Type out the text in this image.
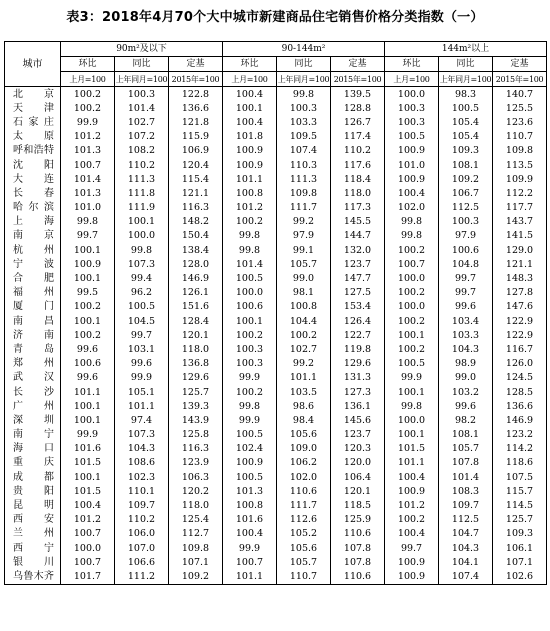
表3：2018年4月70个大中城市新建商品住宅销售价格分类指数（一）
城市	90m²及以下			90-144m²			144m²以上		
	环比	同比	定基	环比	同比	定基	环比	同比	定基
	上月=100	上年同月=100	2015年=100	上月=100	上年同月=100	2015年=100	上月=100	上年同月=100	2015年=100
北京	100.2	100.3	122.8	100.4	99.8	139.5	100.0	98.3	140.7
天津	100.2	101.4	136.6	100.1	100.3	128.8	100.3	100.5	125.5
石家庄	99.9	102.7	121.8	100.4	103.3	126.7	100.3	105.4	123.6
太原	101.2	107.2	115.9	101.8	109.5	117.4	100.5	105.4	110.7
呼和浩特	101.3	108.2	106.9	100.9	107.4	110.2	100.9	109.3	109.8
沈阳	100.7	110.2	120.4	100.9	110.3	117.6	101.0	108.1	113.5
大连	101.4	111.3	115.4	101.1	111.3	118.4	100.9	109.2	109.9
长春	101.3	111.8	121.1	100.8	109.8	118.0	100.4	106.7	112.2
哈尔滨	101.0	111.9	116.3	101.2	111.7	117.3	102.0	112.5	117.7
上海	99.8	100.1	148.2	100.2	99.2	145.5	99.8	100.3	143.7
南京	99.7	100.0	150.4	99.8	97.9	144.7	99.8	97.9	141.5
杭州	100.1	99.8	138.4	99.8	99.1	132.0	100.2	100.6	129.0
宁波	100.9	107.3	128.0	101.4	105.7	123.7	100.7	104.8	121.1
合肥	100.1	99.4	146.9	100.5	99.0	147.7	100.0	99.7	148.3
福州	99.5	96.2	126.1	100.0	98.1	127.5	100.2	99.7	127.8
厦门	100.2	100.5	151.6	100.6	100.8	153.4	100.0	99.6	147.6
南昌	100.1	104.5	128.4	100.1	104.4	126.4	100.2	103.4	122.9
济南	100.2	99.7	120.1	100.2	100.2	122.7	100.1	103.3	122.9
青岛	99.6	103.1	118.0	100.3	102.7	119.8	100.2	104.3	116.7
郑州	100.6	99.6	136.8	100.3	99.2	129.6	100.5	98.9	126.0
武汉	99.6	99.9	129.6	99.9	101.1	131.3	99.9	99.0	124.5
长沙	101.1	105.1	125.7	100.2	103.5	127.3	100.1	103.2	128.5
广州	100.1	101.1	139.3	99.8	98.6	136.1	99.8	99.6	136.6
深圳	100.1	97.4	143.9	99.9	98.4	145.6	100.0	98.2	146.9
南宁	99.9	107.3	125.8	100.5	105.6	123.7	100.1	108.1	123.2
海口	101.6	104.3	116.3	102.4	109.0	120.3	101.5	105.7	114.2
重庆	101.5	108.6	123.9	100.9	106.2	120.0	101.1	107.8	118.6
成都	100.1	102.3	106.3	100.5	102.0	106.4	100.4	101.4	107.5
贵阳	101.5	110.1	120.2	101.3	110.6	120.1	100.9	108.3	115.7
昆明	100.4	109.7	118.0	100.8	111.7	118.5	101.2	109.7	114.5
西安	101.2	110.2	125.4	101.6	112.6	125.9	100.2	112.5	125.7
兰州	100.7	106.0	112.7	100.4	105.2	110.6	100.4	104.7	109.3
西宁	100.0	107.0	109.8	99.9	105.6	107.8	99.7	104.3	106.1
银川	100.7	106.6	107.1	100.7	105.7	107.8	100.9	104.1	107.1
乌鲁木齐	101.7	111.2	109.2	101.1	110.7	110.6	100.9	107.4	102.6
